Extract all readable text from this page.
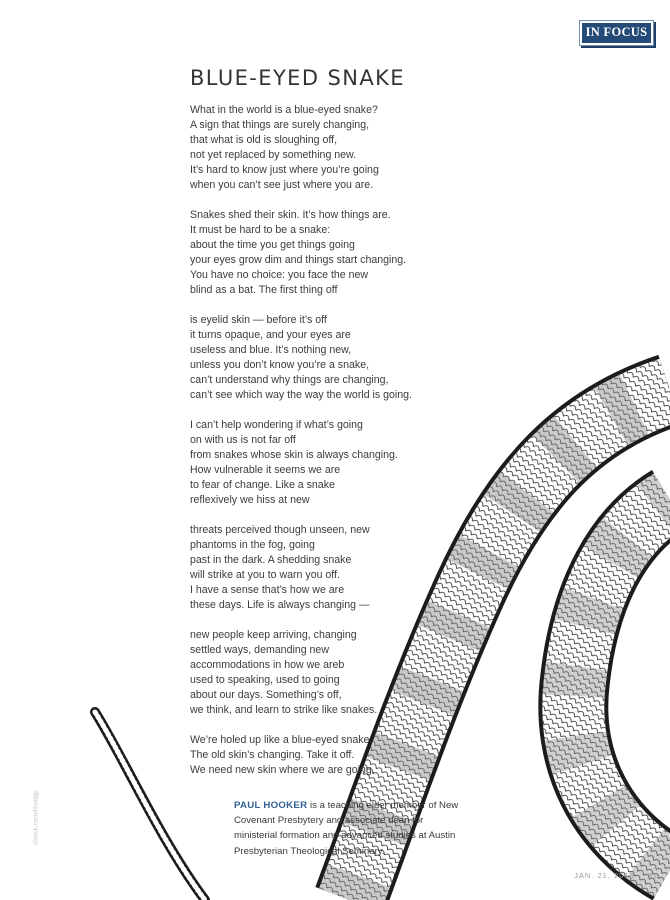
IN FOCUS
BLUE-EYED SNAKE

What in the world is a blue-eyed snake?
A sign that things are surely changing,
that what is old is sloughing off,
not yet replaced by something new.
It’s hard to know just where you’re going
when you can’t see just where you are.

Snakes shed their skin. It’s how things are.
It must be hard to be a snake:
about the time you get things going
your eyes grow dim and things start changing.
You have no choice: you face the new
blind as a bat. The first thing off

is eyelid skin — before it’s off
it turns opaque, and your eyes are
useless and blue. It’s nothing new,
unless you don’t know you’re a snake,
can’t understand why things are changing,
can’t see which way the way the world is going.

I can’t help wondering if what’s going
on with us is not far off
from snakes whose skin is always changing.
How vulnerable it seems we are
to fear of change. Like a snake
reflexively we hiss at new

threats perceived though unseen, new
phantoms in the fog, going
past in the dark. A shedding snake
will strike at you to warn you off.
I have a sense that’s how we are
these days. Life is always changing —

new people keep arriving, changing
settled ways, demanding new
accommodations in how we areb
used to speaking, used to going
about our days. Something’s off,
we think, and learn to strike like snakes.

We’re holed up like a blue-eyed snake.
The old skin’s changing. Take it off.
We need new skin where we are going.

PAUL HOOKER is a teaching elder member of New Covenant Presbytery and associate dean for ministerial formation and advanced studies at Austin Presbyterian Theological Seminary.

iStock.com/Rusiljjp
JAN. 21, 2019 | 31
